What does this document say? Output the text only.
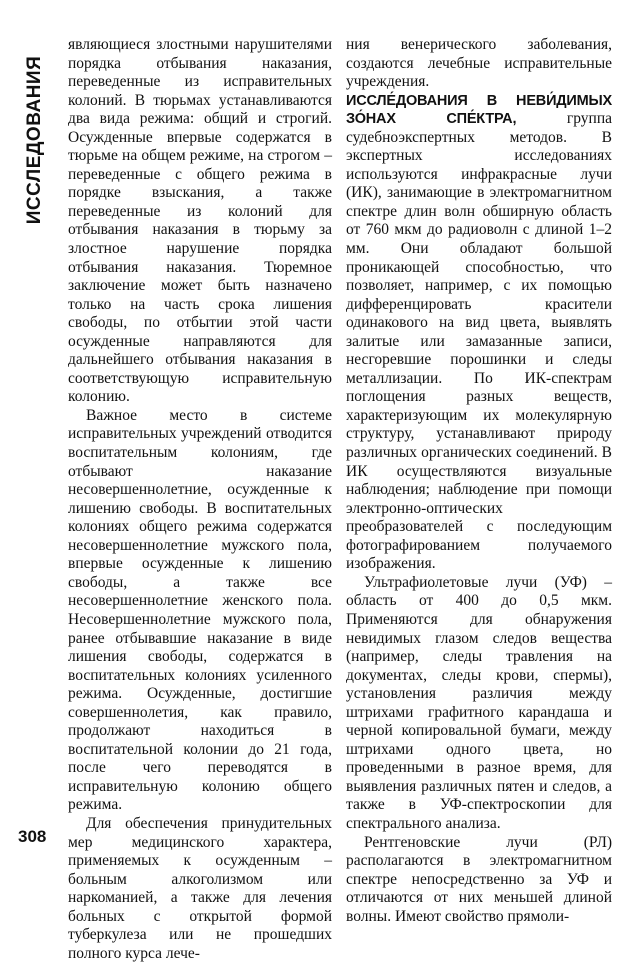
ИССЛЕДОВАНИЯ
308

являющиеся злостными нарушителями порядка отбывания наказания, переведенные из исправительных колоний. В тюрьмах устанавливаются два вида режима: общий и строгий. Осужденные впервые содержатся в тюрьме на общем режиме, на строгом – переведенные с общего режима в порядке взыскания, а также переведенные из колоний для отбывания наказания в тюрьму за злостное нарушение порядка отбывания наказания. Тюремное заключение может быть назначено только на часть срока лишения свободы, по отбытии этой части осужденные направляются для дальнейшего отбывания наказания в соответствующую исправительную колонию.

Важное место в системе исправительных учреждений отводится воспитательным колониям, где отбывают наказание несовершеннолетние, осужденные к лишению свободы. В воспитательных колониях общего режима содержатся несовершеннолетние мужского пола, впервые осужденные к лишению свободы, а также все несовершеннолетние женского пола. Несовершеннолетние мужского пола, ранее отбывавшие наказание в виде лишения свободы, содержатся в воспитательных колониях усиленного режима. Осужденные, достигшие совершеннолетия, как правило, продолжают находиться в воспитательной колонии до 21 года, после чего переводятся в исправительную колонию общего режима.

Для обеспечения принудительных мер медицинского характера, применяемых к осужденным – больным алкоголизмом или наркоманией, а также для лечения больных с открытой формой туберкулеза или не прошедших полного курса лече-

ния венерического заболевания, создаются лечебные исправительные учреждения.

ИССЛЕ́ДОВАНИЯ В НЕВИ́ДИМЫХ ЗО́НАХ СПЕ́КТРА, группа судебноэкспертных методов. В экспертных исследованиях используются инфракрасные лучи (ИК), занимающие в электромагнитном спектре длин волн обширную область от 760 мкм до радиоволн с длиной 1–2 мм. Они обладают большой проникающей способностью, что позволяет, например, с их помощью дифференцировать красители одинакового на вид цвета, выявлять залитые или замазанные записи, несгоревшие порошинки и следы металлизации. По ИК-спектрам поглощения разных веществ, характеризующим их молекулярную структуру, устанавливают природу различных органических соединений. В ИК осуществляются визуальные наблюдения; наблюдение при помощи электронно-оптических преобразователей с последующим фотографированием получаемого изображения.

Ультрафиолетовые лучи (УФ) – область от 400 до 0,5 мкм. Применяются для обнаружения невидимых глазом следов вещества (например, следы травления на документах, следы крови, спермы), установления различия между штрихами графитного карандаша и черной копировальной бумаги, между штрихами одного цвета, но проведенными в разное время, для выявления различных пятен и следов, а также в УФ-спектроскопии для спектрального анализа.

Рентгеновские лучи (РЛ) располагаются в электромагнитном спектре непосредственно за УФ и отличаются от них меньшей длиной волны. Имеют свойство прямоли-
